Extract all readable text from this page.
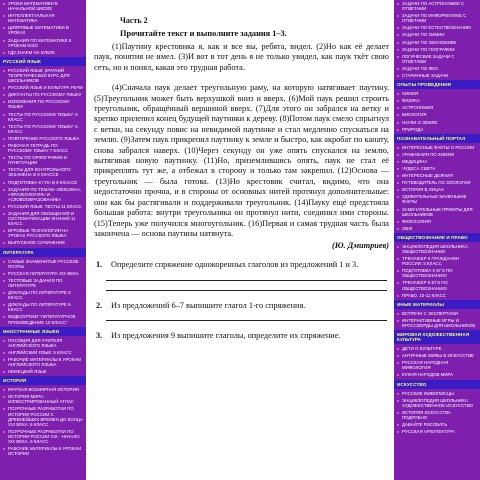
УРОКИ МАТЕМАТИКИ В НАЧАЛЬНОЙ ШКОЛЕ
ИНТЕЛЛЕКТУАЛЬНАЯ МАТЕМАТИКА
ЦИФРОВЫЕ МАТЕМАТИКИ В УРОКАХ
ЗАДАНИЯ ПО МАТЕМАТИКЕ К УРОКАМ ЮЗО
ГДЗ ЗНАЕМ НА 5УБОК
РУССКИЙ ЯЗЫК
РУССКИЙ ЯЗЫК: КРАТКИЙ ТЕОРЕТИЧЕСКИЙ КУРС ДЛЯ ШКОЛЬНИКОВ
РУССКИЙ ЯЗЫК И КУЛЬТУРА РЕЧИ
ДИКТАНТЫ ПО РУССКОМУ ЯЗЫКУ
ИЗЛОЖЕНИЯ ПО РУССКОМУ ЯЗЫКУ
ТЕСТЫ ПО РУССКОМУ ЯЗЫКУ: 5 КЛАСС
ТЕСТЫ ПО РУССКОМУ ЯЗЫКУ: 6 КЛАСС
ПОВТОРЕНИЕ РУССКОГО ЯЗЫКА
РАБОЧАЯ ТЕТРАДЬ ПО РУССКОМУ ЯЗЫКУ 7 КЛАСС
ТЕСТЫ ПО ОРФОГРАФИИ И ПУНКТУАЦИИ
ТЕСТЫ ДЛЯ КОНТРОЛЬНОГО ЭКЗАМЕНА В 9 КЛАССЕ
ПОДГОТОВКА К ГИА В 9 КЛАССЕ
ЗАДАНИЯ ПО ТЕМАМ «ЛЕКСИКА», «ФРАЗЕОЛОГИЯ» И «СЛОВООБРАЗОВАНИЕ»
РУССКИЙ ЯЗЫК: ТЕСТЫ 11 КЛАСС
ЗАДАНИЯ ДЛЯ ОБОБЩЕНИЯ И СИСТЕМАТИЗАЦИИ ЗНАНИЙ 11 КЛАСС
ИГРОВЫЕ ТЕХНОЛОГИИ НА УРОКАХ РУССКОГО ЯЗЫКА
ВЫПУСКНОЕ СОЧИНЕНИЕ
ЛИТЕРАТУРА
САМЫЕ ЗНАМЕНИТЫЕ РУССКИЕ ПОЭТЫ
РУССКАЯ ЛИТЕРАТУРА XIX ВЕКА
ТЕСТОВЫЕ ЗАДАНИЯ ПО ЛИТЕРАТУРЕ
ДОКЛАДЫ ПО ЛИТЕРАТУРЕ 5 КЛАСС
ДОКЛАДЫ ПО ЛИТЕРАТУРЕ 6 КЛАСС
ВИДЕОУРОКИ "ЛИТЕРАТУРНОЕ ПРОИЗВЕДЕНИЕ 10 КЛАСС"
ИНОСТРАННЫЕ ЯЗЫКИ
ПОСОБИЯ ДЛЯ УЧИТЕЛЯ АНГЛИЙСКОГО ЯЗЫКА
АНГЛИЙСКИЙ ЯЗЫК: 5 КЛАСС
РАБОЧИЕ МАТЕРИАЛЫ К УРОКАМ АНГЛИЙСКОГО ЯЗЫКА
НЕМЕЦКИЙ ЯЗЫК
ИСТОРИЯ
КРАТКАЯ ВСЕМИРНАЯ ИСТОРИЯ
ИСТОРИЯ МИРА: ИЛЛЮСТРИРОВАННЫЙ АТЛАС
ПОУРОЧНЫЕ РАЗРАБОТКИ ПО ИСТОРИИ РОССИИ С ДРЕВНЕЙШИХ ВРЕМЕН ДО КОНЦА XVI ВЕКА: 6 КЛАСС
ПОУРОЧНЫЕ РАЗРАБОТКИ ПО ИСТОРИИ РОССИИ XIX - НАЧАЛО XIX ВЕКА. 9 КЛАСС
РАБОЧИЕ МАТЕРИАЛЫ К УРОКАМ ИСТОРИИ
Часть 2
Прочитайте текст и выполните задания 1–3.

(1)Паутину крестовика я, как и все вы, ребята, видел. (2)Но как её делает паук, понятия не имел. (3)И вот в тот день я не только увидел, как паук ткёт свою сеть, но и понял, какая это трудная работа.

(4)Сначала паук делает треугольную раму, на которую натягивает паутину. (5)Треугольник может быть верхушкой вниз и вверх. (6)Мой паук решил строить треугольник, обращённый вершиной вверх. (7)Для этого он забрался на ветку и крепко прилепил конец будущей паутинки к дереву. (8)Потом паук смело спрыгнул с ветки, на секунду повис на невидимой паутинке и стал медленно спускаться на землю. (9)Затем паук прикрепил паутинку к земле и быстро, как акробат по канату, снова забрался наверх. (10)Через секунду он уже опять спускался на землю, вытягивая новую паутинку. (11)Но, приземлившись опять, паук не стал её прикреплять тут же, а отбежал в сторону и только там закрепил. (12)Основа — треугольник — была готова. (13)Но крестовик считал, видимо, что она недостаточно прочна, и в стороны от основных нитей протянул дополнительные: они как бы растягивали и поддерживали треугольник. (14)Пауку ещё предстояла большая работа: внутри треугольника он протянул нити, соединил ими стороны. (15)Теперь уже получился многоугольник. (16)Первая и самая трудная часть была закончена — основа паутины натянута.

(Ю. Дмитриев)
1. Определите спряжение однокоренных глаголов из предложений 1 и 3.
2. Из предложений 6–7 выпишите глагол 1-го спряжения.
3. Из предложения 9 выпишите глаголы, определите их спряжение.
ЗАДАЧИ ПО АСТРОНОМИИ С ОТВЕТАМИ
ЗАДАЧИ ПО ИНФОРМАТИКЕ С ОТВЕТАМИ
ЗАДАЧИ ПО ЕСТЕСТВОЗНАНИЮ
ЗАДАЧИ ПО ХИМИИ
ЗАДАЧИ ПО ЭКОНОМИКЕ
ЗАДАЧИ ПО ГЕОГРАФИИ
ЛОГИЧЕСКИЕ ЗАДАЧИ С ОТВЕТАМИ
ЗАДАЧИ ПО ЖКХ
СТАРИННЫЕ ЗАДАЧИ
ОПЫТЫ ПРОВЕДЕНИЯ
ХИМИЯ
ФИЗИКА
АСТРОНОМИЯ
БИОЛОГИЯ
НАУКИ О ЗЕМЛЕ
ПРИРОДА
ПОЗНАВАТЕЛЬНЫЙ ПОРТАЛ
ИНТЕРЕСНЫЕ ФАКТЫ О РОССИИ
УРАВНЕНИЯ ПО ХИМИИ
МЕДИЦИНА
ЧУДЕСА СВЕТА
ИНТЕРЕСНЫЕ ДЕЯНИЯ
ПУТЕВОДИТЕЛЬ ПО ЗООЛОГИИ
ИСТОРИЯ В ЛИЦАХ
УДИВИТЕЛЬНЫЕ МАЛЕНЬКИЕ ФАКТЫ
ЗАМЕЧАТЕЛЬНЫЕ ПРИЮТЫ ДЛЯ ШКОЛЬНИКОВ
ФИЛОСОФИЯ
ОБЖ
ОБЩЕСТВОЗНАНИЕ И ПРАВО
ЭНЦИКЛОПЕДИЯ ШКОЛЬНИКА. ОБЩЕСТВОЗНАНИЕ
ТРЕНАЖЕР К ГРАЖДАНИН РОССИИ: 5 КЛАСС
ПОДГОТОВКА К ЕГЭ ПО ОБЩЕСТВОЗНАНИЮ
ТРЕНАЖЕР К ЕГЭ ПО ОБЩЕСТВОЗНАНИЮ
ПРАВО. 10-11 КЛАСС
ИНЫЕ МАТЕРИАЛЫ
ВСТРЕЧИ С ЭКСПЕРТАМИ
ИНТЕРАКТИВНЫЕ ИГРЫ И КРОССВОРДЫ ДЛЯ ШКОЛЬНИКОВ
МИРОВАЯ ХУДОЖЕСТВЕННАЯ КУЛЬТУРА
ДЕТИ О КУЛЬТУРЕ
АНТИЧНЫЕ МИФЫ В ИСКУССТВЕ
РУССКАЯ НАРОДНАЯ МИФОЛОГИЯ
КУХНЯ НАРОДОВ МИРА
ИСКУССТВО
РУССКИЕ ЖИВОПИСЦЫ
ЭНЦИКЛОПЕДИЯ ШКОЛЬНИКА: ХУДОЖЕСТВЕННОЕ ИСКУССТВО
ИСТОРИЯ ИСКУССТВА ПОДРОБНО
ДАВАЙТЕ РИСОВАТЬ
РУССКАЯ АРХИТЕКТУРА
